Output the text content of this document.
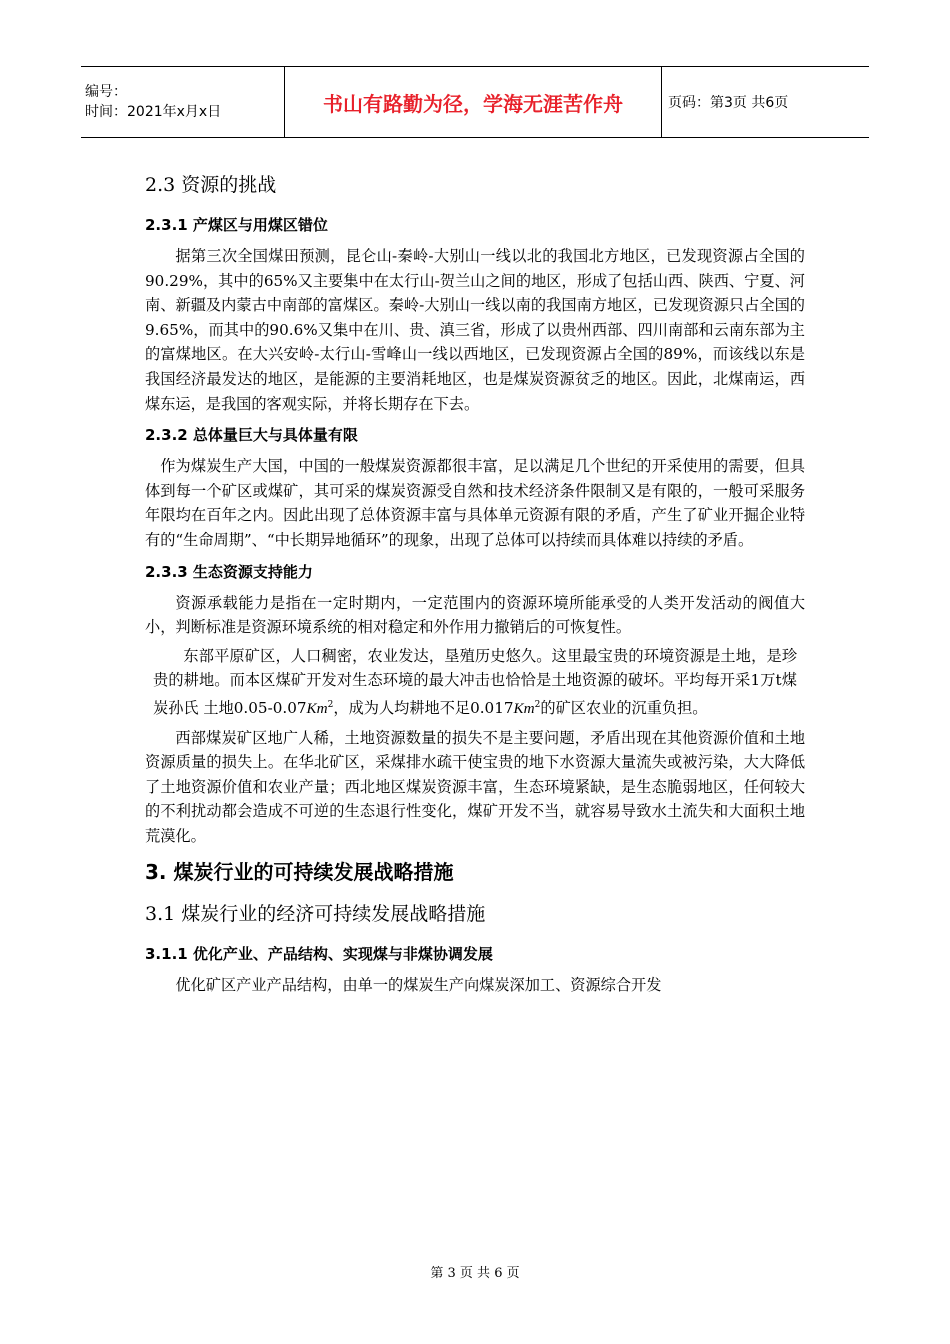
编号：
时间：2021年x月x日	书山有路勤为径，学海无涯苦作舟	页码：第3页 共6页
2.3 资源的挑战
2.3.1 产煤区与用煤区错位

据第三次全国煤田预测，昆仑山-秦岭-大别山一线以北的我国北方地区，已发现资源占全国的90.29%，其中的65%又主要集中在太行山-贺兰山之间的地区，形成了包括山西、陕西、宁夏、河南、新疆及内蒙古中南部的富煤区。秦岭-大别山一线以南的我国南方地区，已发现资源只占全国的9.65%，而其中的90.6%又集中在川、贵、滇三省，形成了以贵州西部、四川南部和云南东部为主的富煤地区。在大兴安岭-太行山-雪峰山一线以西地区，已发现资源占全国的89%，而该线以东是我国经济最发达的地区，是能源的主要消耗地区，也是煤炭资源贫乏的地区。因此，北煤南运，西煤东运，是我国的客观实际，并将长期存在下去。

2.3.2 总体量巨大与具体量有限

作为煤炭生产大国，中国的一般煤炭资源都很丰富，足以满足几个世纪的开采使用的需要，但具体到每一个矿区或煤矿，其可采的煤炭资源受自然和技术经济条件限制又是有限的，一般可采服务年限均在百年之内。因此出现了总体资源丰富与具体单元资源有限的矛盾，产生了矿业开掘企业特有的“生命周期”、“中长期异地循环”的现象，出现了总体可以持续而具体难以持续的矛盾。

2.3.3 生态资源支持能力

资源承载能力是指在一定时期内，一定范围内的资源环境所能承受的人类开发活动的阀值大小，判断标准是资源环境系统的相对稳定和外作用力撤销后的可恢复性。

东部平原矿区，人口稠密，农业发达，垦殖历史悠久。这里最宝贵的环境资源是土地，是珍贵的耕地。而本区煤矿开发对生态环境的最大冲击也恰恰是土地资源的破坏。平均每开采1万t煤炭孙氏 土地0.05-0.07Km$^2$，成为人均耕地不足0.017Km$^2$的矿区农业的沉重负担。

西部煤炭矿区地广人稀，土地资源数量的损失不是主要问题，矛盾出现在其他资源价值和土地资源质量的损失上。在华北矿区，采煤排水疏干使宝贵的地下水资源大量流失或被污染，大大降低了土地资源价值和农业产量；西北地区煤炭资源丰富，生态环境紧缺，是生态脆弱地区，任何较大的不利扰动都会造成不可逆的生态退行性变化，煤矿开发不当，就容易导致水土流失和大面积土地荒漠化。

3. 煤炭行业的可持续发展战略措施
3.1 煤炭行业的经济可持续发展战略措施
3.1.1 优化产业、产品结构、实现煤与非煤协调发展

优化矿区产业产品结构，由单一的煤炭生产向煤炭深加工、资源综合开发

第 3 页 共 6 页
